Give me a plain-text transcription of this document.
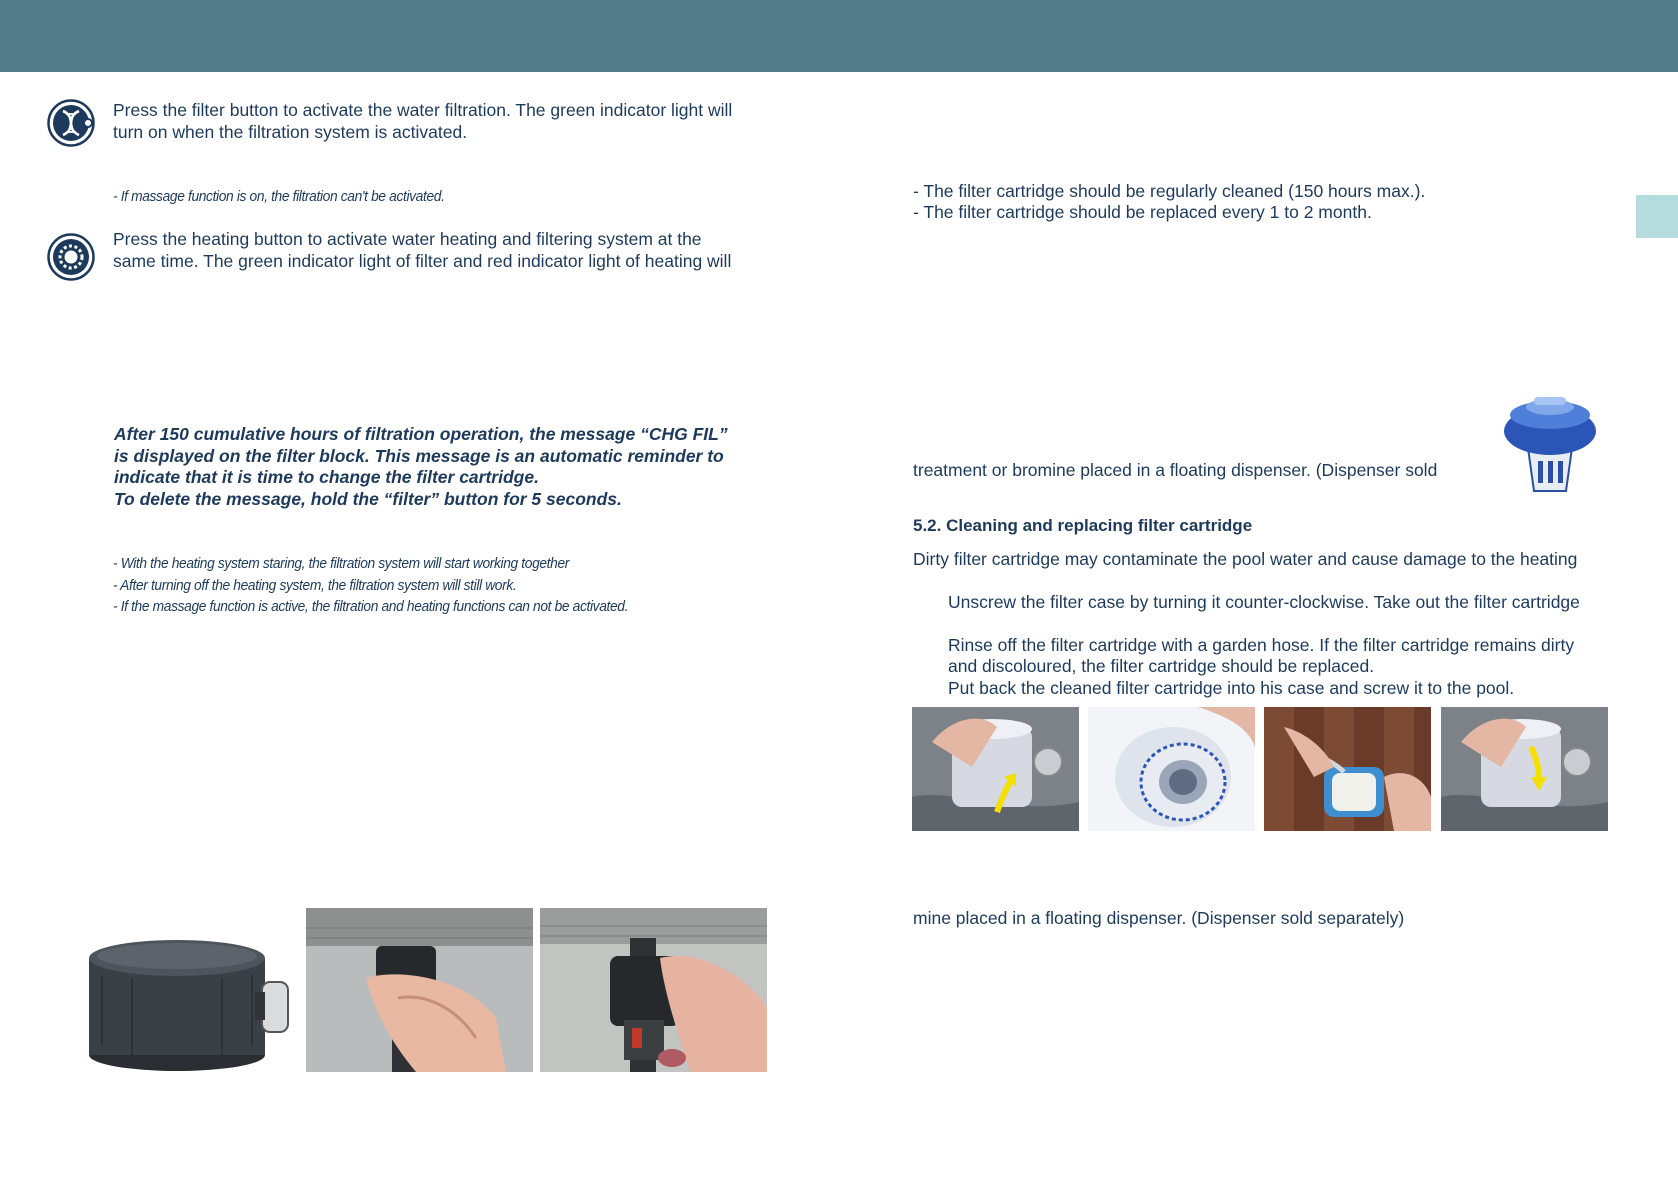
Press the filter button to activate the water filtration. The green indicator light will

turn on when the filtration system is activated.

- If massage function is on, the filtration can't be activated.

Press the heating button to activate water heating and filtering system at the

same time. The green indicator light of filter and red indicator light of heating will

After 150 cumulative hours of filtration operation, the message “CHG FIL”

is displayed on the filter block. This message is an automatic reminder to

indicate that it is time to change the filter cartridge.

To delete the message, hold the “filter” button for 5 seconds.

- With the heating system staring, the filtration system will start working together

- After turning off the heating system, the filtration system will still work.

- If the massage function is active, the filtration and heating functions can not be activated.

- The filter cartridge should be regularly cleaned (150 hours max.).

- The filter cartridge should be replaced every 1 to 2 month.

treatment or bromine placed in a floating dispenser. (Dispenser sold

5.2. Cleaning and replacing filter cartridge

Dirty filter cartridge may contaminate the pool water and cause damage to the heating

Unscrew the filter case by turning it counter-clockwise. Take out the filter cartridge

Rinse off the filter cartridge with a garden hose. If the filter cartridge remains dirty

and discoloured, the filter cartridge should be replaced.

Put back the cleaned filter cartridge into his case and screw it to the pool.

mine placed in a floating dispenser. (Dispenser sold separately)
